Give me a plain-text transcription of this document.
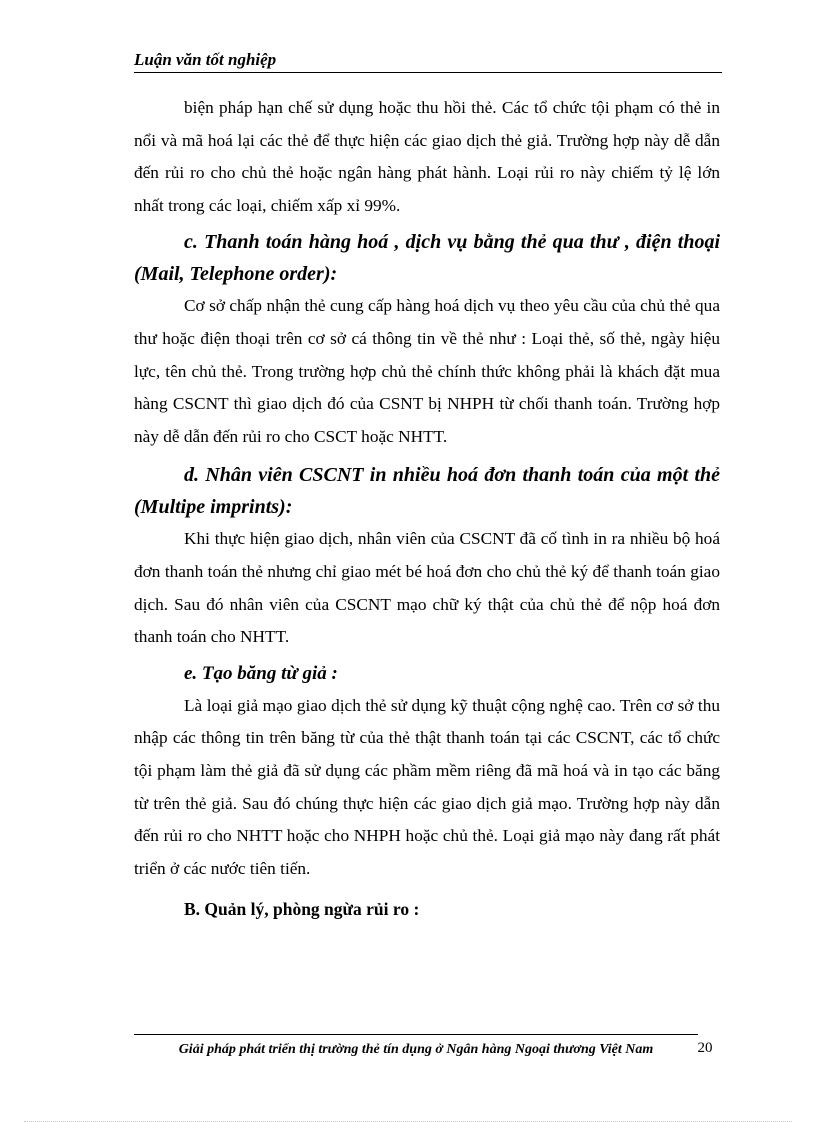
Luận văn tốt nghiệp

biện pháp hạn chế sử dụng hoặc thu hồi thẻ. Các tổ chức tội phạm có thẻ in nổi và mã hoá lại các thẻ để thực hiện các giao dịch thẻ giả. Trường hợp này dễ dẫn đến rủi ro cho chủ thẻ hoặc ngân hàng phát hành. Loại rủi ro này chiếm tỷ lệ lớn nhất trong các loại, chiếm xấp xỉ 99%.

c. Thanh toán hàng hoá , dịch vụ bằng thẻ qua thư , điện thoại (Mail, Telephone order):

Cơ sở chấp nhận thẻ cung cấp hàng hoá dịch vụ theo yêu cầu của chủ thẻ qua thư hoặc điện thoại trên cơ sở cá thông tin về thẻ như : Loại thẻ, số thẻ, ngày hiệu lực, tên chủ thẻ. Trong trường hợp chủ thẻ chính thức không phải là khách đặt mua hàng CSCNT thì giao dịch đó của CSNT bị NHPH từ chối thanh toán. Trường hợp này dễ dẫn đến rủi ro cho CSCT hoặc NHTT.

d. Nhân viên CSCNT in nhiều hoá đơn thanh toán của một thẻ (Multipe imprints):

Khi thực hiện giao dịch, nhân viên của CSCNT đã cố tình in ra nhiều bộ hoá đơn thanh toán thẻ nhưng chỉ giao mét bé hoá đơn cho chủ thẻ ký để thanh toán giao dịch. Sau đó nhân viên của CSCNT mạo chữ ký thật của chủ thẻ để nộp hoá đơn thanh toán cho NHTT.

e. Tạo băng từ giả :

Là loại giả mạo giao dịch thẻ sử dụng kỹ thuật cộng nghệ cao. Trên cơ sở thu nhập các thông tin trên băng từ của thẻ thật thanh toán tại các CSCNT, các tổ chức tội phạm làm thẻ giả đã sử dụng các phầm mềm riêng đã mã hoá và in tạo các băng từ trên thẻ giả. Sau đó chúng thực hiện các giao dịch giả mạo. Trường hợp này dẫn đến rủi ro cho NHTT hoặc cho NHPH hoặc chủ thẻ. Loại giả mạo này đang rất phát triển ở các nước tiên tiến.

B. Quản lý, phòng ngừa rủi ro :
Giải pháp phát triển thị trường thẻ tín dụng ở Ngân hàng Ngoại thương Việt Nam	20
